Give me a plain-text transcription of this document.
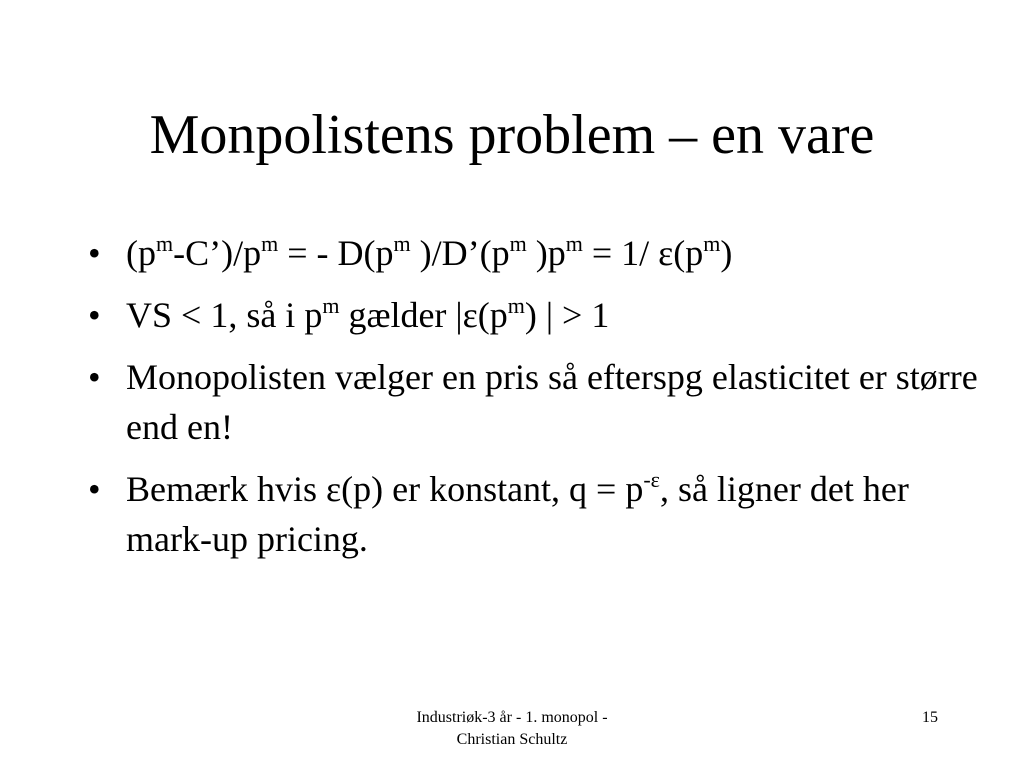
Monpolistens problem – en vare
• $(p^m-C’)/p^m$ = - $D(p^m$ )$/D’(p^m$ )$p^m = 1/$ $\varepsilon(p^m)$
• VS < 1, så i $p^m$ gælder $|\varepsilon(p^m)$ | > 1
• Monopolisten vælger en pris så efterspg elasticitet er større end en!
• Bemærk hvis ε(p) er konstant, $q = p^{-\varepsilon}$, så ligner det her mark-up pricing.
Industriøk-3 år - 1. monopol -
Christian Schultz
15
